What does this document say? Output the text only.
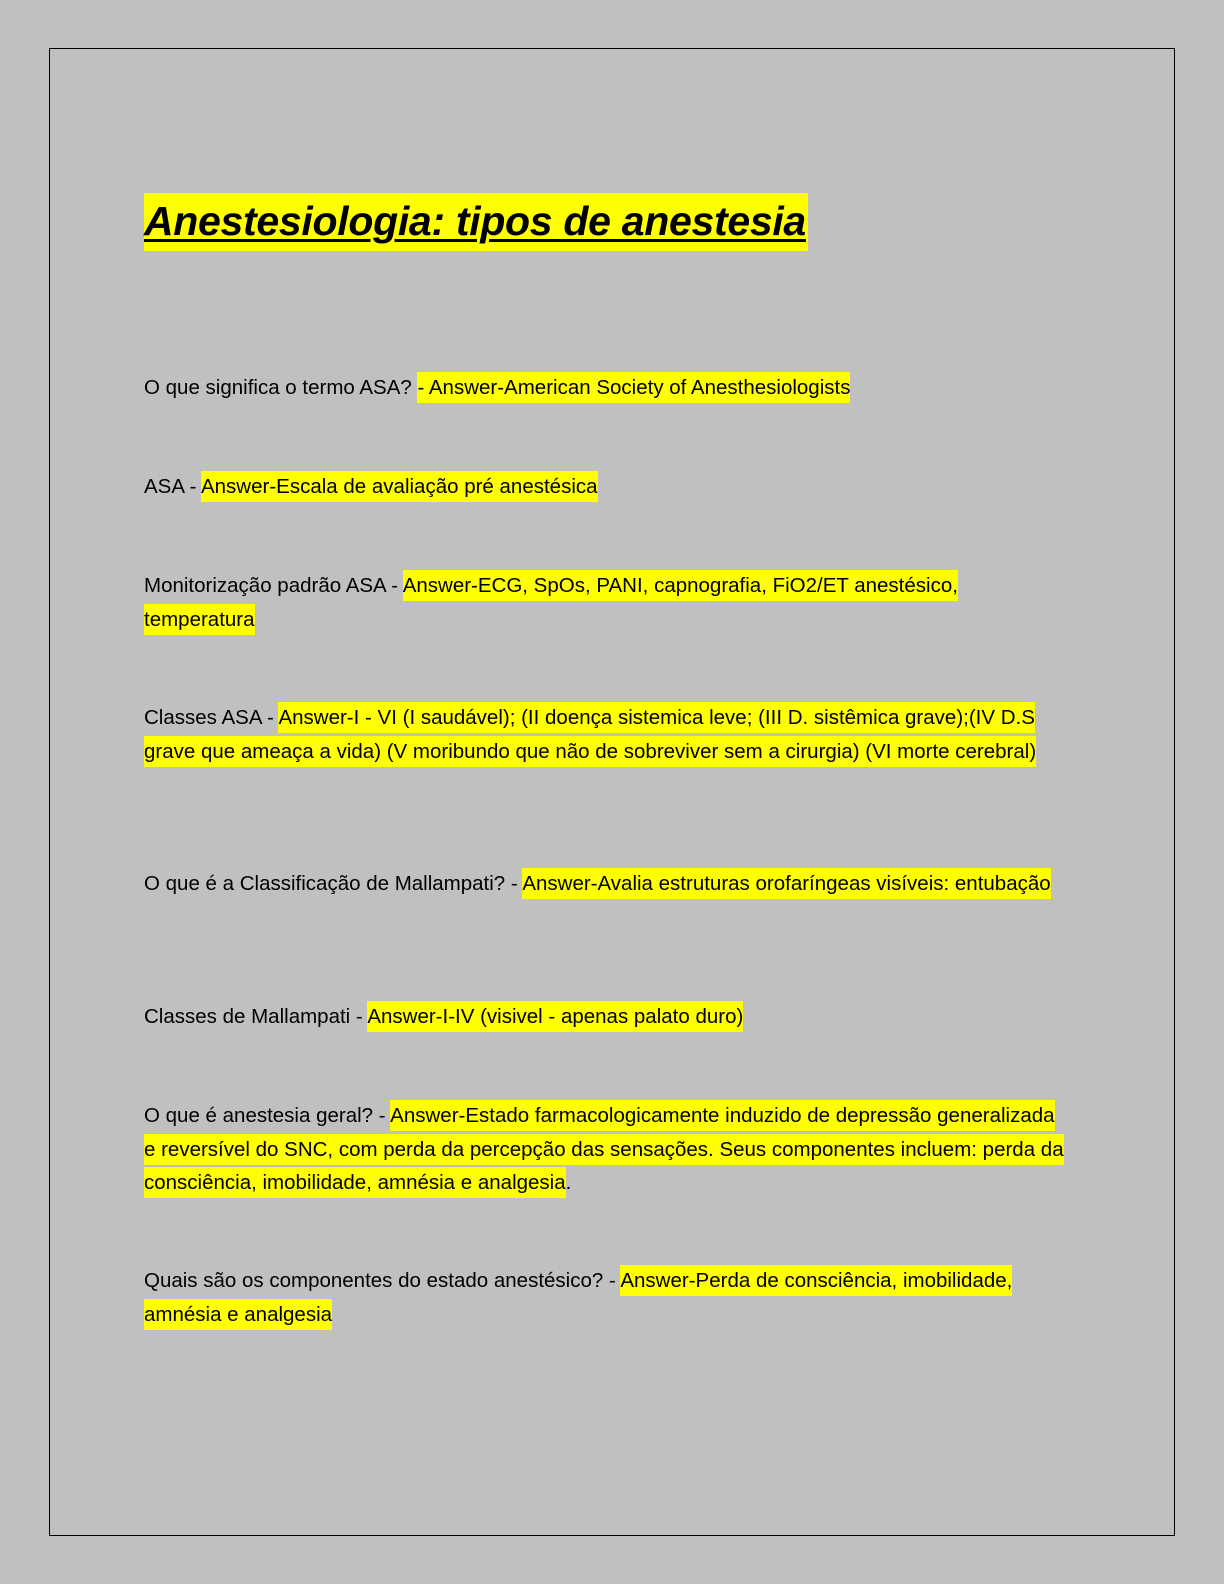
Anestesiologia: tipos de anestesia

O que significa o termo ASA? - Answer-American Society of Anesthesiologists

ASA - Answer-Escala de avaliação pré anestésica

Monitorização padrão ASA - Answer-ECG, SpOs, PANI, capnografia, FiO2/ET anestésico, temperatura

Classes ASA - Answer-I - VI (I saudável); (II doença sistemica leve; (III D. sistêmica grave);(IV D.S grave que ameaça a vida) (V moribundo que não de sobreviver sem a cirurgia) (VI morte cerebral)

O que é a Classificação de Mallampati? - Answer-Avalia estruturas orofaríngeas visíveis: entubação

Classes de Mallampati - Answer-I-IV (visivel - apenas palato duro)

O que é anestesia geral? - Answer-Estado farmacologicamente induzido de depressão generalizada e reversível do SNC, com perda da percepção das sensações. Seus componentes incluem: perda da consciência, imobilidade, amnésia e analgesia.

Quais são os componentes do estado anestésico? - Answer-Perda de consciência, imobilidade, amnésia e analgesia
